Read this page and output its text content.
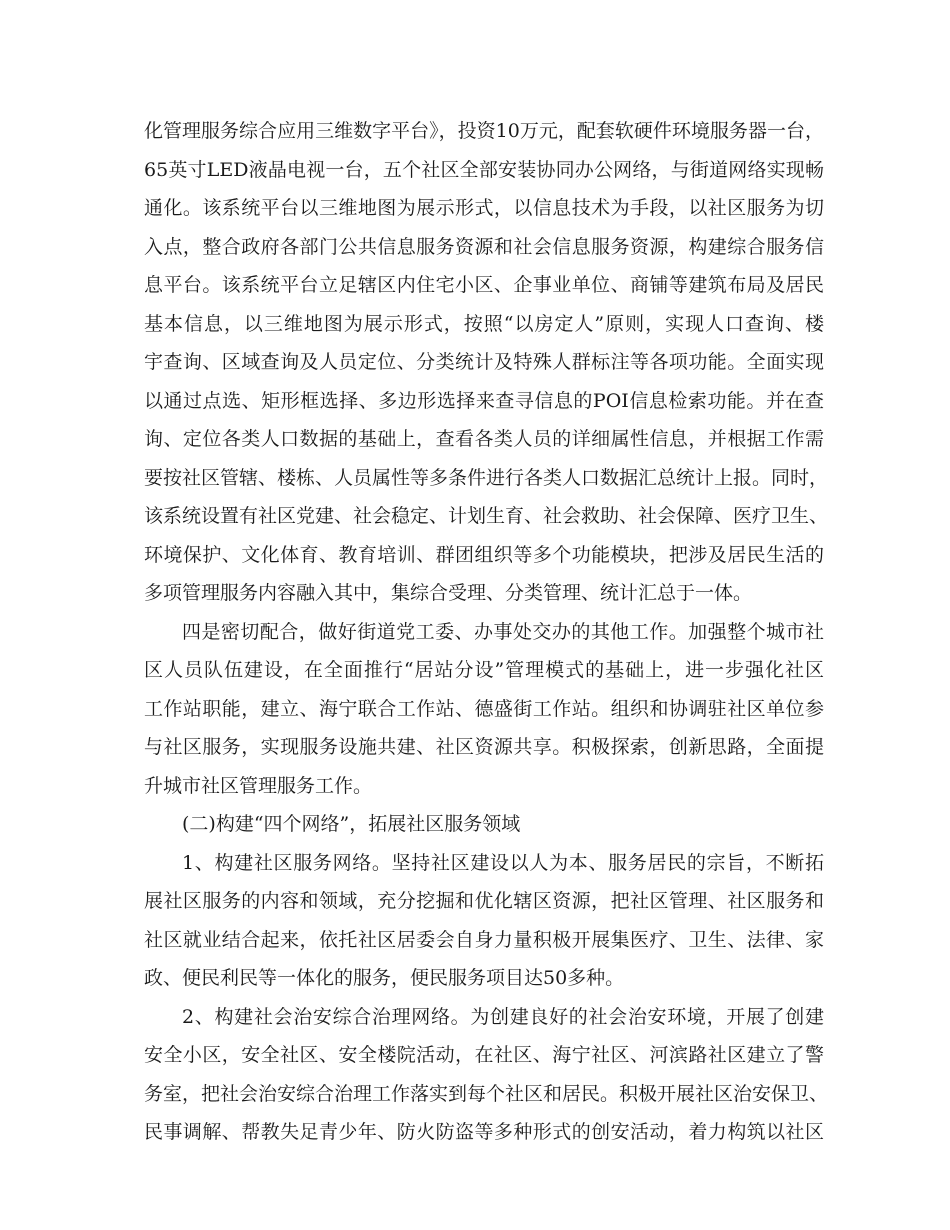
化管理服务综合应用三维数字平台》，投资10万元，配套软硬件环境服务器一台，
65英寸LED液晶电视一台，五个社区全部安装协同办公网络，与街道网络实现畅
通化。该系统平台以三维地图为展示形式，以信息技术为手段，以社区服务为切
入点，整合政府各部门公共信息服务资源和社会信息服务资源，构建综合服务信
息平台。该系统平台立足辖区内住宅小区、企事业单位、商铺等建筑布局及居民
基本信息，以三维地图为展示形式，按照“以房定人”原则，实现人口查询、楼
宇查询、区域查询及人员定位、分类统计及特殊人群标注等各项功能。全面实现
以通过点选、矩形框选择、多边形选择来查寻信息的POI信息检索功能。并在查
询、定位各类人口数据的基础上，查看各类人员的详细属性信息，并根据工作需
要按社区管辖、楼栋、人员属性等多条件进行各类人口数据汇总统计上报。同时，
该系统设置有社区党建、社会稳定、计划生育、社会救助、社会保障、医疗卫生、
环境保护、文化体育、教育培训、群团组织等多个功能模块，把涉及居民生活的
多项管理服务内容融入其中，集综合受理、分类管理、统计汇总于一体。
四是密切配合，做好街道党工委、办事处交办的其他工作。加强整个城市社
区人员队伍建设，在全面推行“居站分设”管理模式的基础上，进一步强化社区
工作站职能，建立、海宁联合工作站、德盛街工作站。组织和协调驻社区单位参
与社区服务，实现服务设施共建、社区资源共享。积极探索，创新思路，全面提
升城市社区管理服务工作。
(二)构建“四个网络”，拓展社区服务领域
1、构建社区服务网络。坚持社区建设以人为本、服务居民的宗旨，不断拓
展社区服务的内容和领域，充分挖掘和优化辖区资源，把社区管理、社区服务和
社区就业结合起来，依托社区居委会自身力量积极开展集医疗、卫生、法律、家
政、便民利民等一体化的服务，便民服务项目达50多种。
2、构建社会治安综合治理网络。为创建良好的社会治安环境，开展了创建
安全小区，安全社区、安全楼院活动，在社区、海宁社区、河滨路社区建立了警
务室，把社会治安综合治理工作落实到每个社区和居民。积极开展社区治安保卫、
民事调解、帮教失足青少年、防火防盗等多种形式的创安活动，着力构筑以社区
